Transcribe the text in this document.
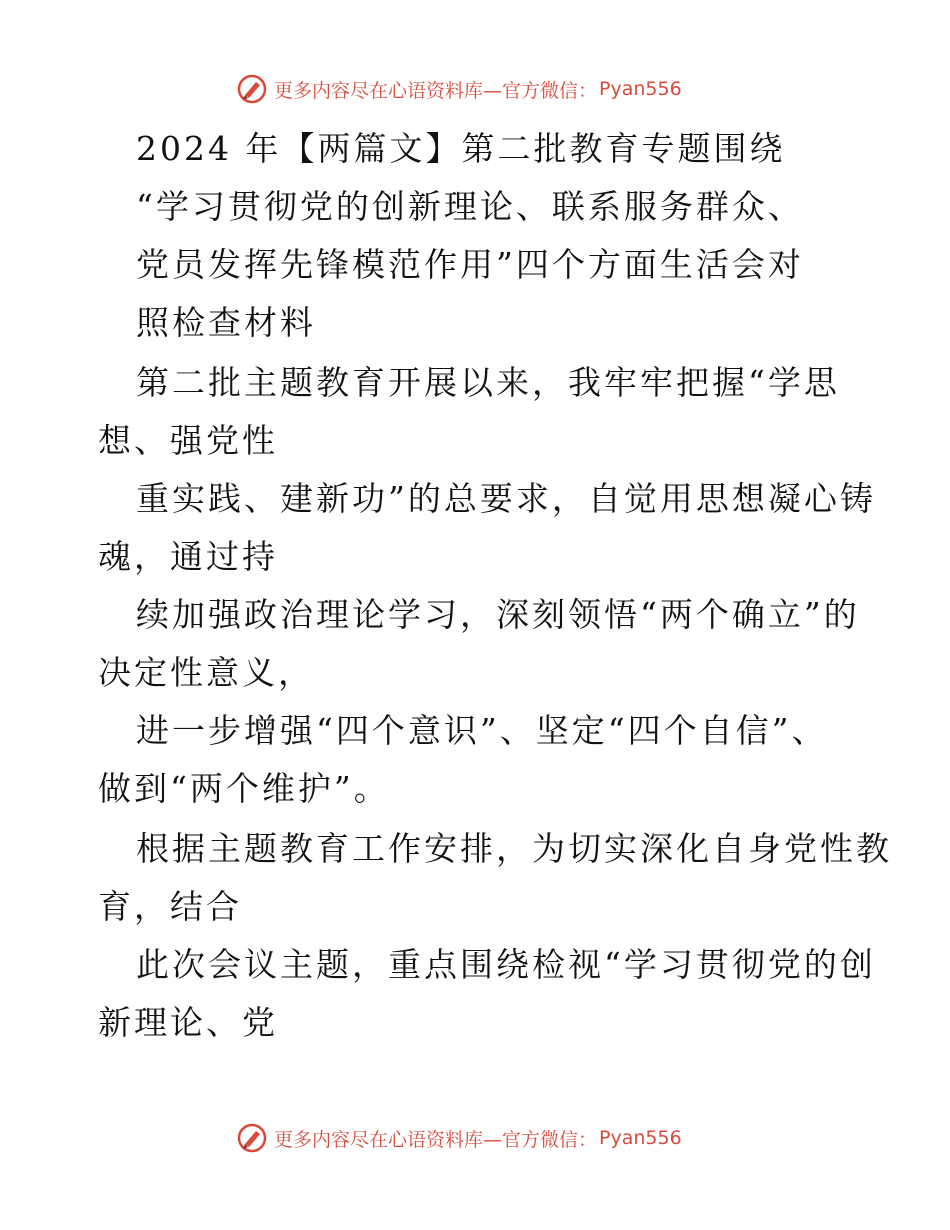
更多内容尽在心语资料库—官方微信： Pyan556
2024 年【两篇文】第二批教育专题围绕
“学习贯彻党的创新理论、联系服务群众、
党员发挥先锋模范作用”四个方面生活会对
照检查材料
第二批主题教育开展以来，我牢牢把握“学思
想、强党性
重实践、建新功”的总要求，自觉用思想凝心铸
魂，通过持
续加强政治理论学习，深刻领悟“两个确立”的
决定性意义，
进一步增强“四个意识”、坚定“四个自信”、
做到“两个维护”。
根据主题教育工作安排，为切实深化自身党性教
育，结合
此次会议主题，重点围绕检视“学习贯彻党的创
新理论、党
更多内容尽在心语资料库—官方微信： Pyan556
